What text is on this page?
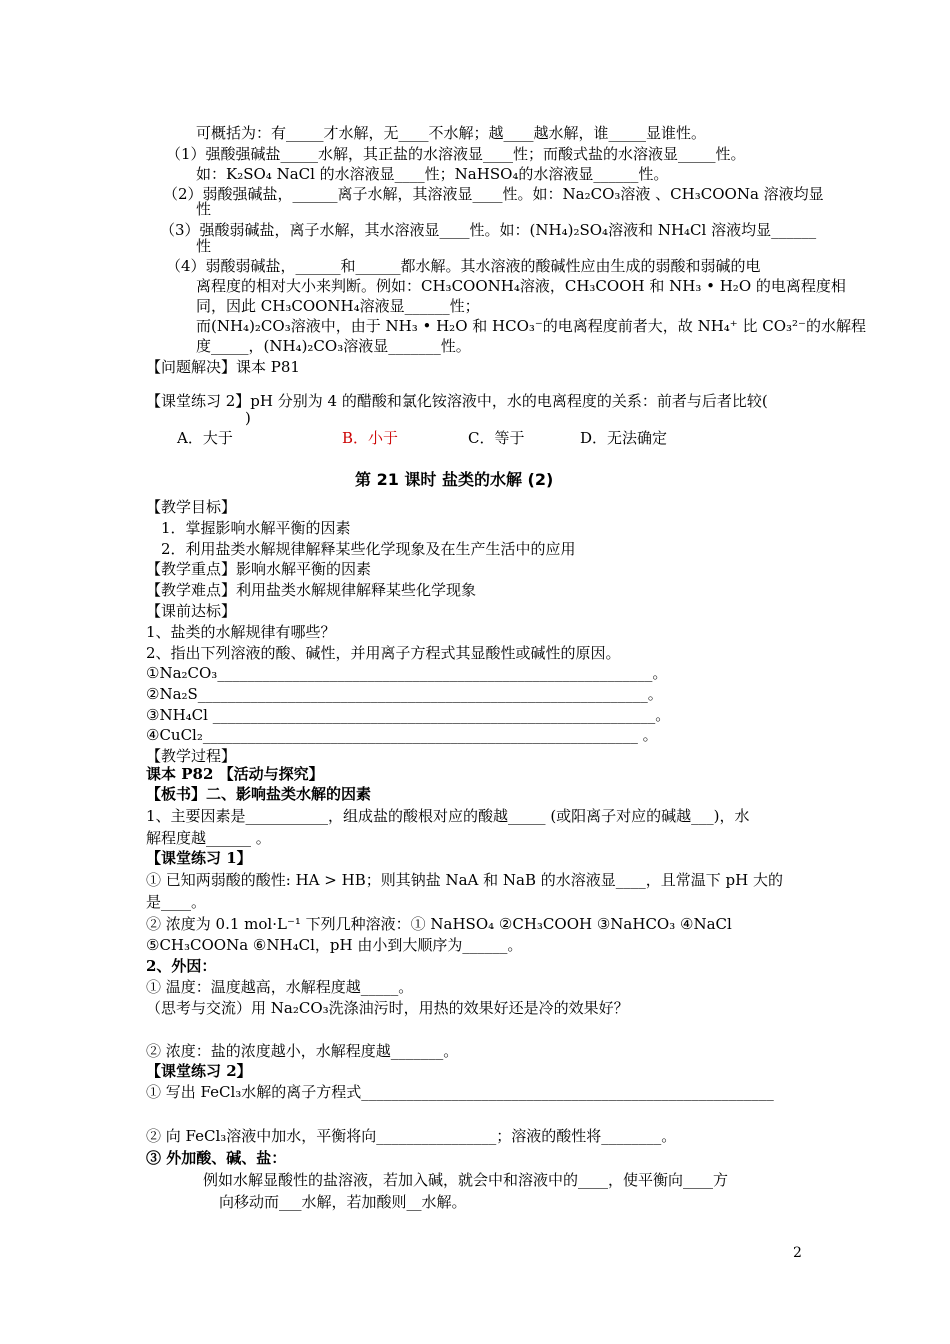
可概括为：有_____才水解，无____不水解；越____越水解，谁_____显谁性。
（1）强酸强碱盐_____水解，其正盐的水溶液显____性；而酸式盐的水溶液显_____性。
如：K₂SO₄ NaCl 的水溶液显____性；NaHSO₄的水溶液显______性。
（2）弱酸强碱盐，______离子水解，其溶液显____性。如：Na₂CO₃溶液 、CH₃COONa 溶液均显
性
（3）强酸弱碱盐，离子水解，其水溶液显____性。如：(NH₄)₂SO₄溶液和 NH₄Cl 溶液均显______
性
（4）弱酸弱碱盐，______和______都水解。其水溶液的酸碱性应由生成的弱酸和弱碱的电
离程度的相对大小来判断。例如：CH₃COONH₄溶液，CH₃COOH 和 NH₃ • H₂O 的电离程度相
同，因此 CH₃COONH₄溶液显______性；
而(NH₄)₂CO₃溶液中，由于 NH₃ • H₂O 和 HCO₃⁻的电离程度前者大，故 NH₄⁺ 比 CO₃²⁻的水解程
度_____，(NH₄)₂CO₃溶液显_______性。
【问题解决】课本 P81
【课堂练习 2】pH 分别为 4 的醋酸和氯化铵溶液中，水的电离程度的关系：前者与后者比较(
)
A．大于	B．小于	C．等于	D．无法确定
第 21 课时 盐类的水解 (2)
【教学目标】
1．掌握影响水解平衡的因素
2．利用盐类水解规律解释某些化学现象及在生产生活中的应用
【教学重点】影响水解平衡的因素
【教学难点】利用盐类水解规律解释某些化学现象
【课前达标】
1、盐类的水解规律有哪些？
2、指出下列溶液的酸、碱性，并用离子方程式其显酸性或碱性的原因。
①Na₂CO₃__________________________________________________________。
②Na₂S____________________________________________________________。
③NH₄Cl ___________________________________________________________。
④CuCl₂__________________________________________________________ 。
【教学过程】
课本 P82 【活动与探究】
【板书】二、影响盐类水解的因素
1、主要因素是___________，组成盐的酸根对应的酸越_____ (或阳离子对应的碱越___)，水
解程度越______ 。
【课堂练习 1】
① 已知两弱酸的酸性: HA > HB；则其钠盐 NaA 和 NaB 的水溶液显____，且常温下 pH 大的
是____。
② 浓度为 0.1 mol·L⁻¹ 下列几种溶液：① NaHSO₄ ②CH₃COOH ③NaHCO₃ ④NaCl
⑤CH₃COONa ⑥NH₄Cl，pH 由小到大顺序为______。
2、外因：
① 温度：温度越高，水解程度越_____。
（思考与交流）用 Na₂CO₃洗涤油污时，用热的效果好还是冷的效果好？
② 浓度：盐的浓度越小，水解程度越_______。
【课堂练习 2】
① 写出 FeCl₃水解的离子方程式_______________________________________________________
② 向 FeCl₃溶液中加水，平衡将向________________；溶液的酸性将________。
③ 外加酸、碱、盐：
例如水解显酸性的盐溶液，若加入碱，就会中和溶液中的____，使平衡向____方
向移动而___水解，若加酸则__水解。
2
